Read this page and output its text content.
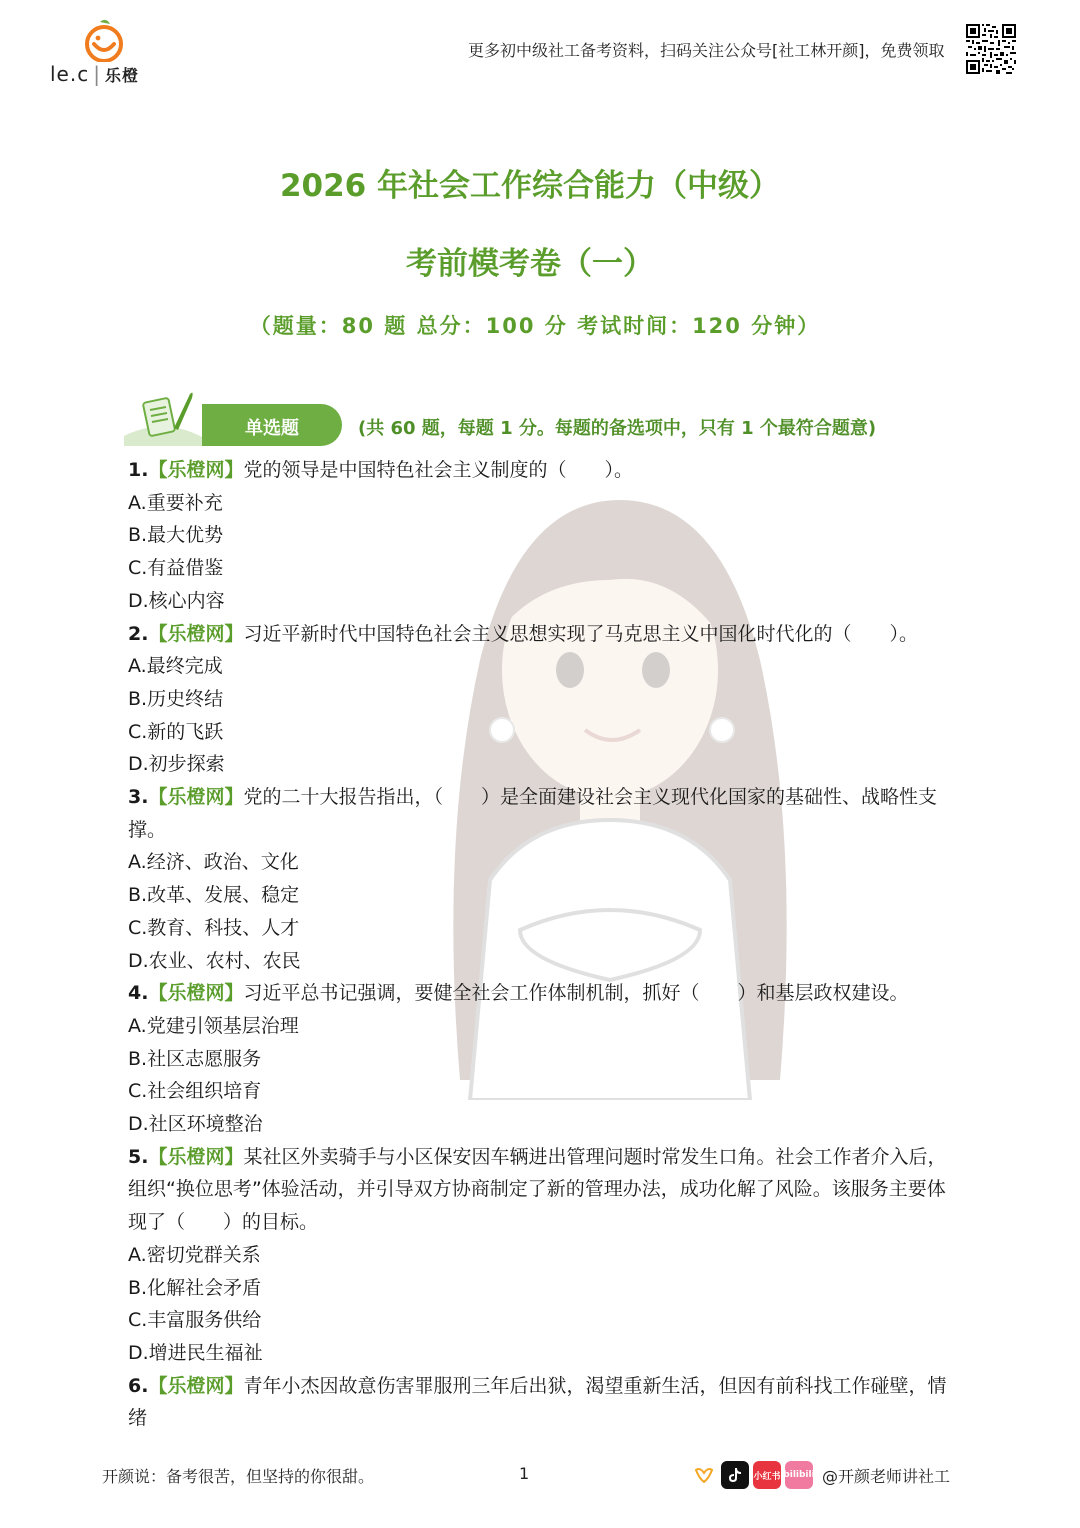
le.c | 乐橙
更多初中级社工备考资料，扫码关注公众号[社工林开颜]，免费领取
2026 年社会工作综合能力（中级）
考前模考卷（一）
（题量：80 题 总分：100 分 考试时间：120 分钟）
单选题	(共 60 题，每题 1 分。每题的备选项中，只有 1 个最符合题意)
1.【乐橙网】党的领导是中国特色社会主义制度的（　　）。
A.重要补充
B.最大优势
C.有益借鉴
D.核心内容
2.【乐橙网】习近平新时代中国特色社会主义思想实现了马克思主义中国化时代化的（　　）。
A.最终完成
B.历史终结
C.新的飞跃
D.初步探索
3.【乐橙网】党的二十大报告指出，（　　）是全面建设社会主义现代化国家的基础性、战略性支撑。
A.经济、政治、文化
B.改革、发展、稳定
C.教育、科技、人才
D.农业、农村、农民
4.【乐橙网】习近平总书记强调，要健全社会工作体制机制，抓好（　　）和基层政权建设。
A.党建引领基层治理
B.社区志愿服务
C.社会组织培育
D.社区环境整治
5.【乐橙网】某社区外卖骑手与小区保安因车辆进出管理问题时常发生口角。社会工作者介入后，组织“换位思考”体验活动，并引导双方协商制定了新的管理办法，成功化解了风险。该服务主要体现了（　　）的目标。
A.密切党群关系
B.化解社会矛盾
C.丰富服务供给
D.增进民生福祉
6.【乐橙网】青年小杰因故意伤害罪服刑三年后出狱，渴望重新生活，但因有前科找工作碰壁，情绪
开颜说：备考很苦，但坚持的你很甜。	1	小红书 bilibili @开颜老师讲社工
